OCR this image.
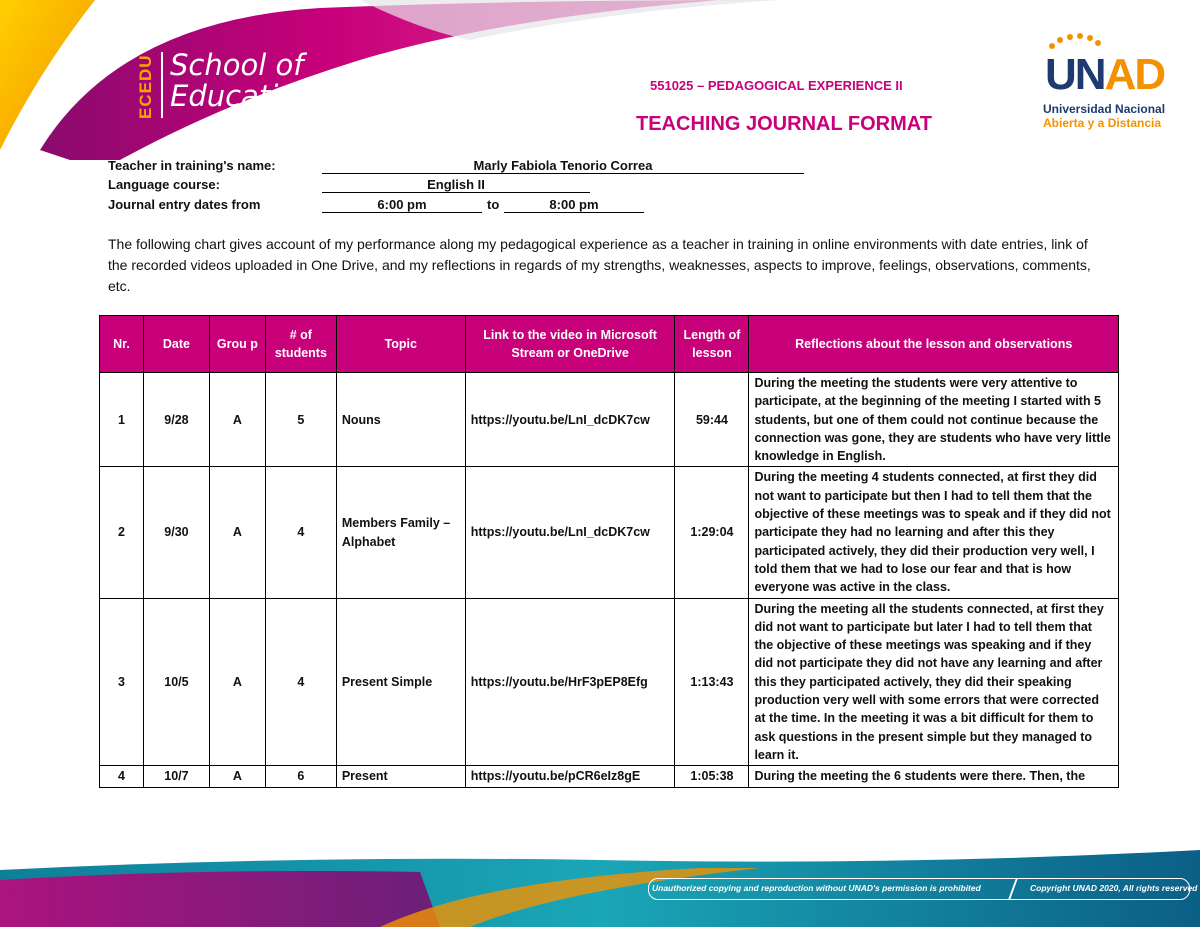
ECEDU School of
Education	UNAD
Universidad Nacional
Abierta y a Distancia
551025 – PEDAGOGICAL EXPERIENCE II
TEACHING JOURNAL FORMAT
Teacher in training's name:	Marly Fabiola Tenorio Correa
Language course:	English II
Journal entry dates from	6:00 pm	to	8:00 pm
The following chart gives account of my performance along my pedagogical experience as a teacher in training in online environments with date entries, link of the recorded videos uploaded in One Drive, and my reflections in regards of my strengths, weaknesses, aspects to improve, feelings, observations, comments, etc.
Nr.	Date	Grou p	# of students	Topic	Link to the video in Microsoft Stream or OneDrive	Length of lesson	Reflections about the lesson and observations
1	9/28	A	5	Nouns	https://youtu.be/LnI_dcDK7cw	59:44	During the meeting the students were very attentive to participate, at the beginning of the meeting I started with 5 students, but one of them could not continue because the connection was gone, they are students who have very little knowledge in English.
2	9/30	A	4	Members Family – Alphabet	https://youtu.be/LnI_dcDK7cw	1:29:04	During the meeting 4 students connected, at first they did not want to participate but then I had to tell them that the objective of these meetings was to speak and if they did not participate they had no learning and after this they participated actively, they did their production very well, I told them that we had to lose our fear and that is how everyone was active in the class.
3	10/5	A	4	Present Simple	https://youtu.be/HrF3pEP8Efg	1:13:43	During the meeting all the students connected, at first they did not want to participate but later I had to tell them that the objective of these meetings was speaking and if they did not participate they did not have any learning and after this they participated actively, they did their speaking production very well with some errors that were corrected at the time. In the meeting it was a bit difficult for them to ask questions in the present simple but they managed to learn it.
4	10/7	A	6	Present	https://youtu.be/pCR6eIz8gE	1:05:38	During the meeting the 6 students were there. Then, the
Unauthorized copying and reproduction without UNAD's permission is prohibited	Copyright UNAD 2020, All rights reserved
